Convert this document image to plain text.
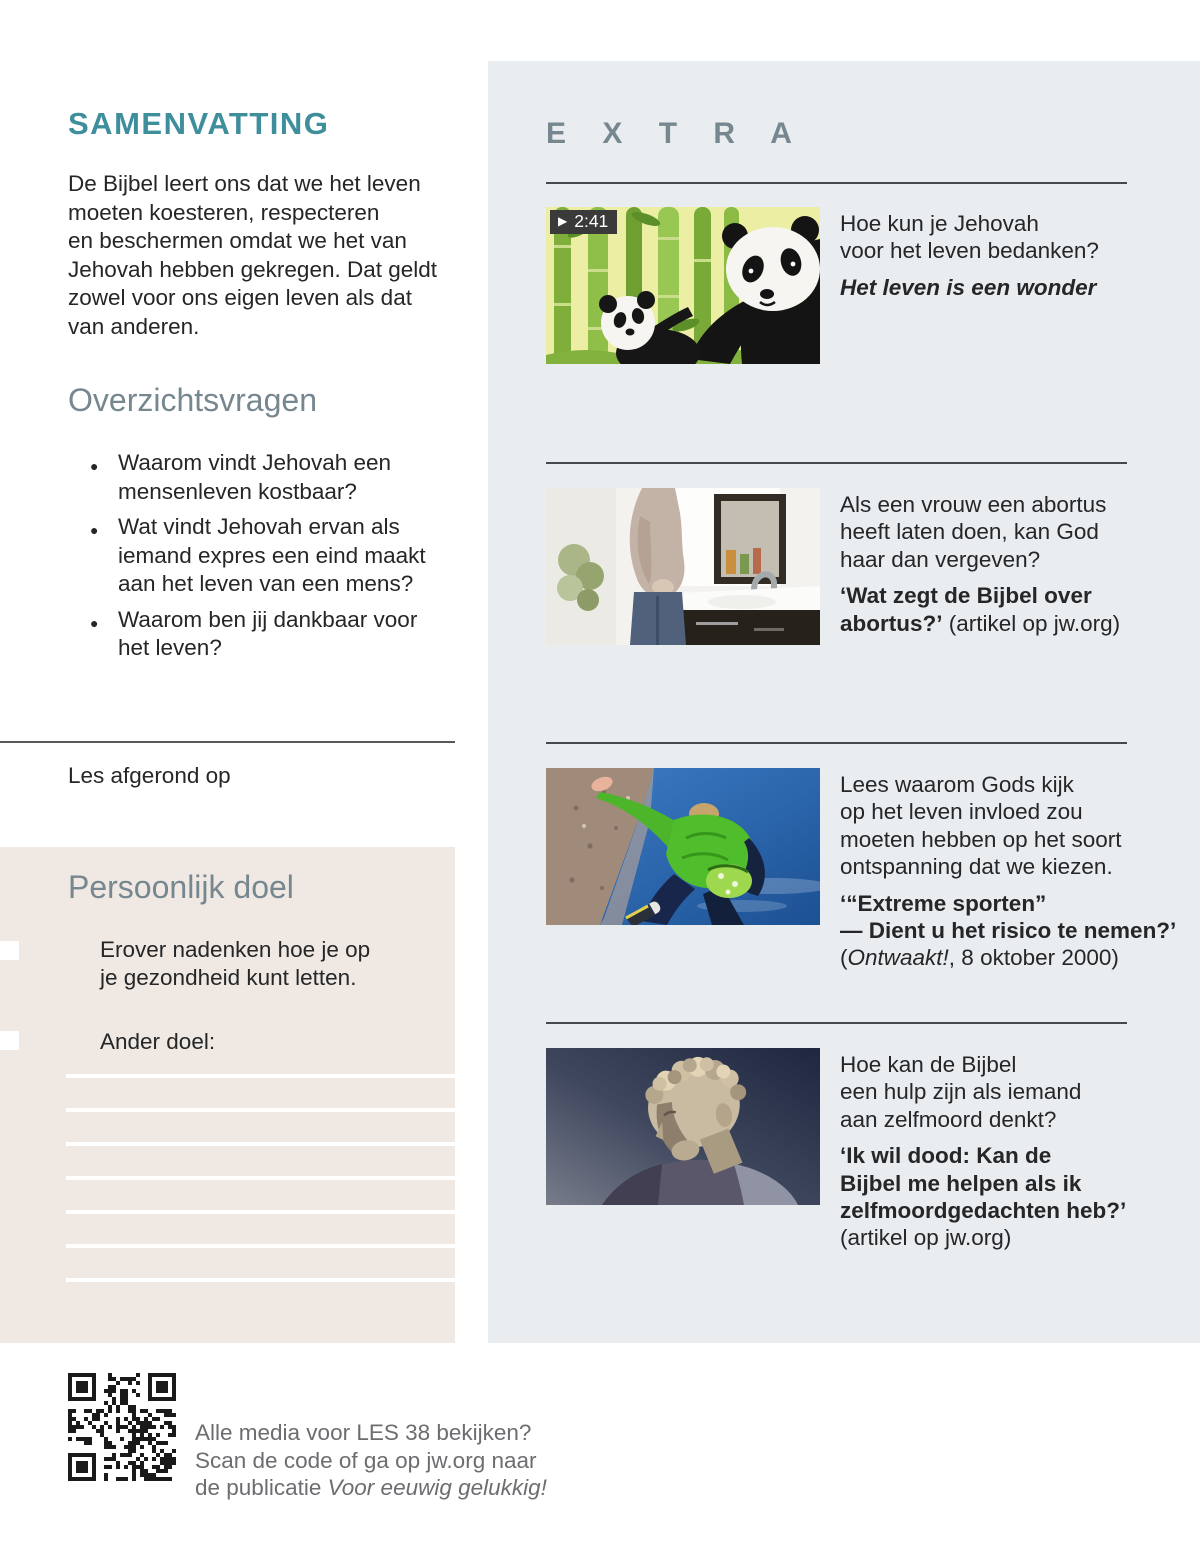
SAMENVATTING
De Bijbel leert ons dat we het leven
moeten koesteren, respecteren
en beschermen omdat we het van
Jehovah hebben gekregen. Dat geldt
zowel voor ons eigen leven als dat
van anderen.
Overzichtsvragen
● Waarom vindt Jehovah een
mensenleven kostbaar?
● Wat vindt Jehovah ervan als
iemand expres een eind maakt
aan het leven van een mens?
● Waarom ben jij dankbaar voor
het leven?
Les afgerond op
Persoonlijk doel
Erover nadenken hoe je op
je gezondheid kunt letten.
Ander doel:
E X T R A
▶ 2:41	Hoe kun je Jehovah
voor het leven bedanken?
Het leven is een wonder
Als een vrouw een abortus
heeft laten doen, kan God
haar dan vergeven?
‘Wat zegt de Bijbel over
abortus?’ (artikel op jw.org)
Lees waarom Gods kijk
op het leven invloed zou
moeten hebben op het soort
ontspanning dat we kiezen.
‘“Extreme sporten”
— Dient u het risico te nemen?’
(Ontwaakt!, 8 oktober 2000)
Hoe kan de Bijbel
een hulp zijn als iemand
aan zelfmoord denkt?
‘Ik wil dood: Kan de
Bijbel me helpen als ik
zelfmoordgedachten heb?’
(artikel op jw.org)
Alle media voor LES 38 bekijken?
Scan de code of ga op jw.org naar
de publicatie Voor eeuwig gelukkig!
